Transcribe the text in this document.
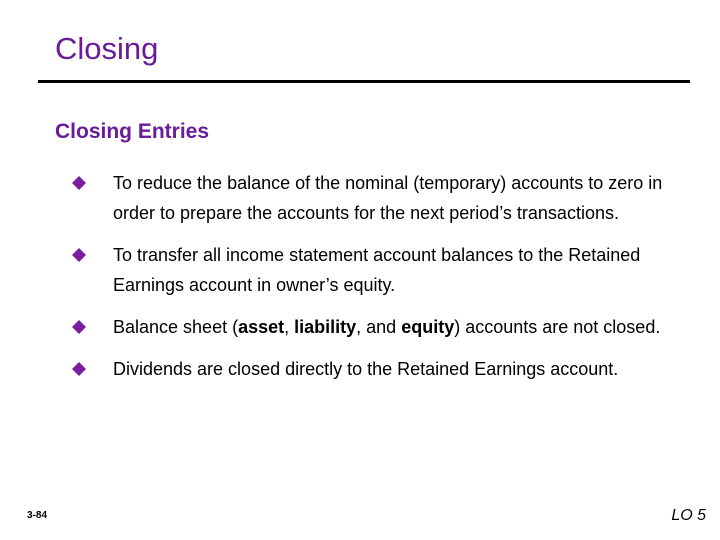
Closing
Closing Entries
To reduce the balance of the nominal (temporary) accounts to zero in order to prepare the accounts for the next period’s transactions.
To transfer all income statement account balances to the Retained Earnings account in owner’s equity.
Balance sheet (asset, liability, and equity) accounts are not closed.
Dividends are closed directly to the Retained Earnings account.
3-84	LO 5
